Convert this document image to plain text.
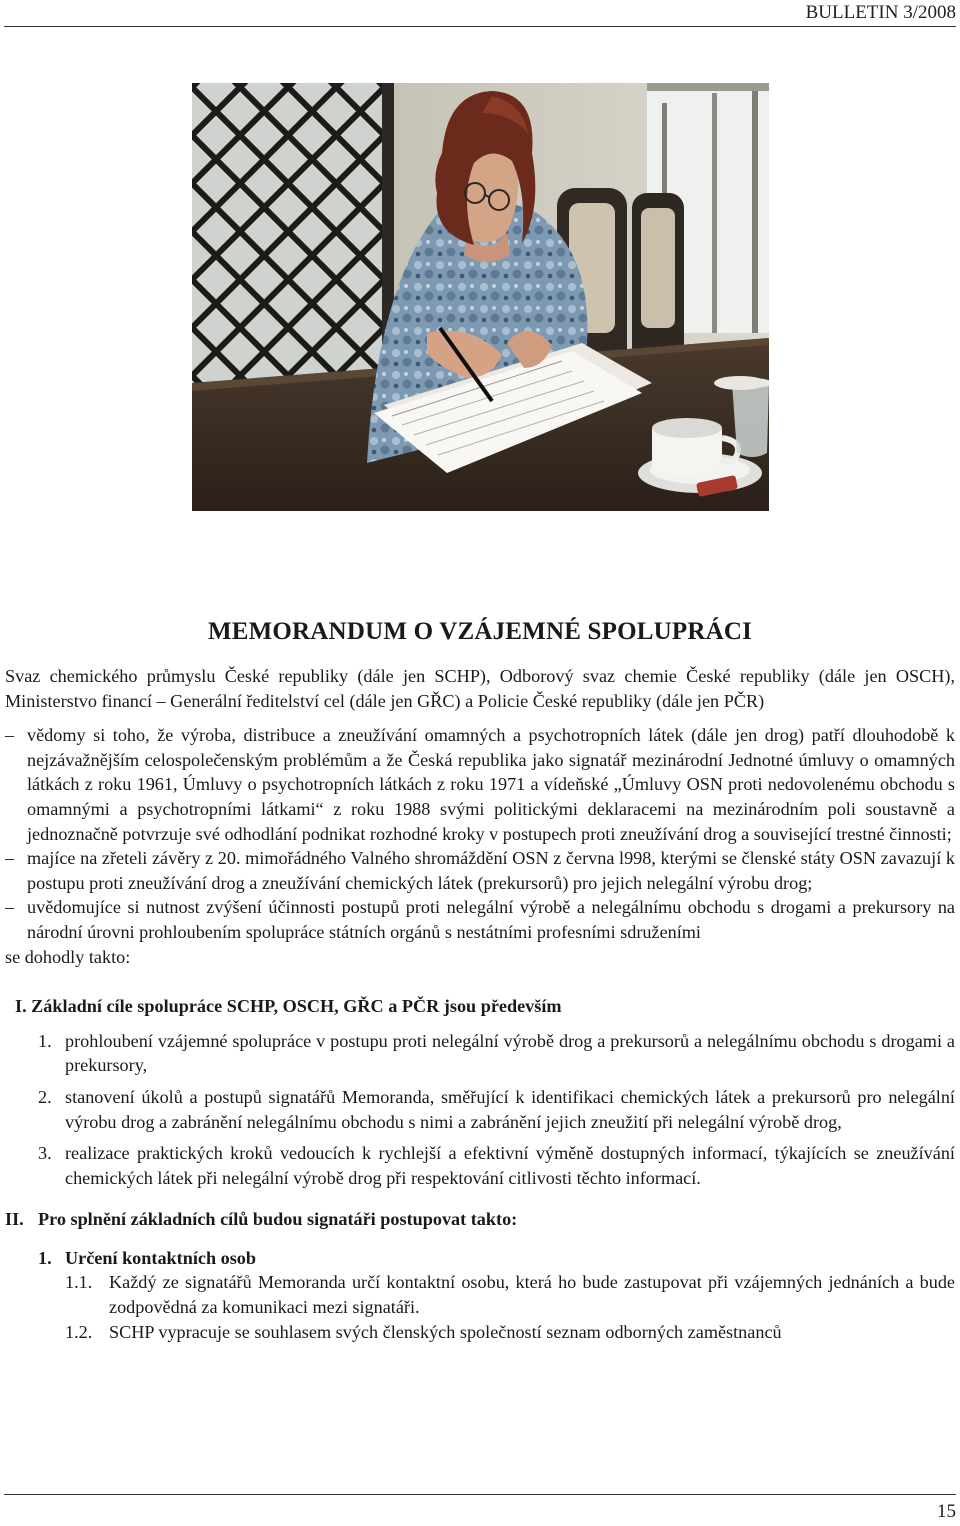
BULLETIN 3/2008
MEMORANDUM O VZÁJEMNÉ SPOLUPRÁCI

Svaz chemického průmyslu České republiky (dále jen SCHP), Odborový svaz chemie České republiky (dále jen OSCH), Ministerstvo financí – Generální ředitelství cel (dále jen GŘC) a Policie České republiky (dále jen PČR)

– vědomy si toho, že výroba, distribuce a zneužívání omamných a psychotropních látek (dále jen drog) patří dlouhodobě k nejzávažnějším celospolečenským problémům a že Česká republika jako signatář mezinárodní Jednotné úmluvy o omamných látkách z roku 1961, Úmluvy o psychotropních látkách z roku 1971 a vídeňské „Úmluvy OSN proti nedovolenému obchodu s omamnými a psychotropními látkami“ z roku 1988 svými politickými deklaracemi na mezinárodním poli soustavně a jednoznačně potvrzuje své odhodlání podnikat rozhodné kroky v postupech proti zneužívání drog a související trestné činnosti;
– majíce na zřeteli závěry z 20. mimořádného Valného shromáždění OSN z června l998, kterými se členské státy OSN zavazují k postupu proti zneužívání drog a zneužívání chemických látek (prekursorů) pro jejich nelegální výrobu drog;
– uvědomujíce si nutnost zvýšení účinnosti postupů proti nelegální výrobě a nelegálnímu obchodu s drogami a prekursory na národní úrovni prohloubením spolupráce státních orgánů s nestátními profesními sdruženími

se dohodly takto:

I. Základní cíle spolupráce SCHP, OSCH, GŘC a PČR jsou především

1. prohloubení vzájemné spolupráce v postupu proti nelegální výrobě drog a prekursorů a nelegálnímu obchodu s drogami a prekursory,
2. stanovení úkolů a postupů signatářů Memoranda, směřující k identifikaci chemických látek a prekursorů pro nelegální výrobu drog a zabránění nelegálnímu obchodu s nimi a zabránění jejich zneužití při nelegální výrobě drog,
3. realizace praktických kroků vedoucích k rychlejší a efektivní výměně dostupných informací, týkajících se zneužívání chemických látek při nelegální výrobě drog při respektování citlivosti těchto informací.
II. Pro splnění základních cílů budou signatáři postupovat takto:
1. Určení kontaktních osob
1.1. Každý ze signatářů Memoranda určí kontaktní osobu, která ho bude zastupovat při vzájemných jednáních a bude zodpovědná za komunikaci mezi signatáři.
1.2. SCHP vypracuje se souhlasem svých členských společností seznam odborných zaměstnanců
15
